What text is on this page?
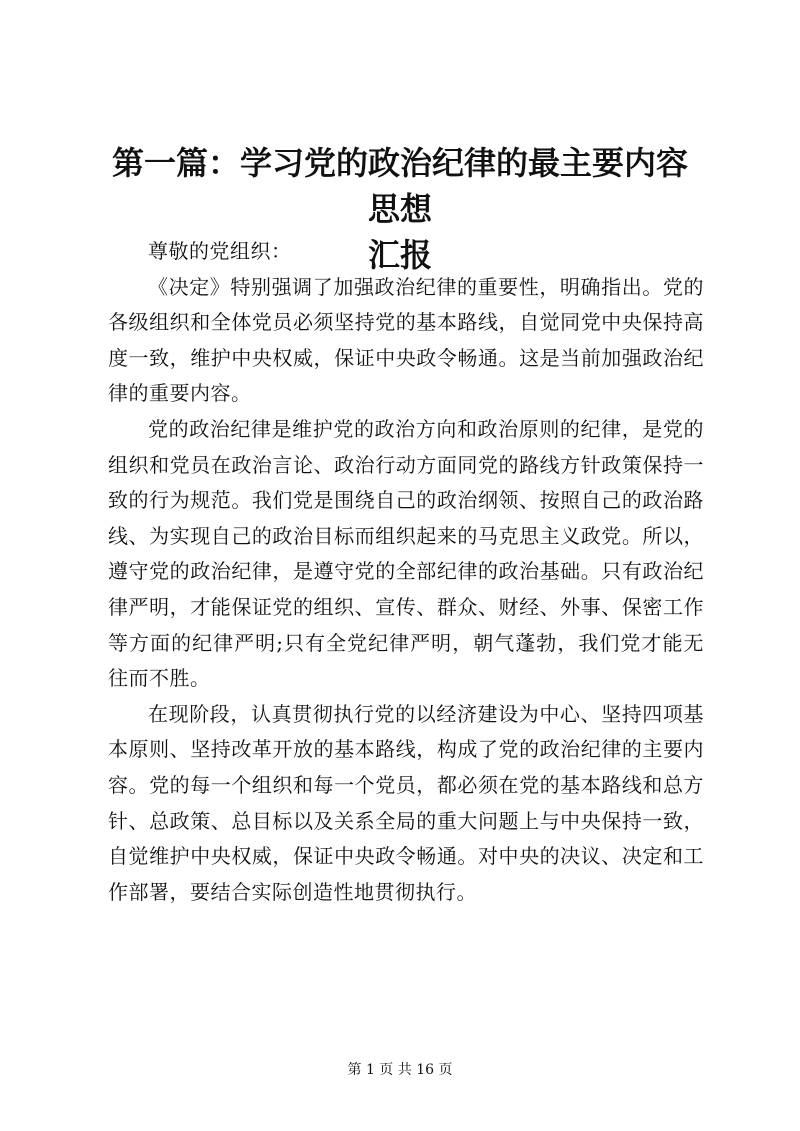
第一篇：学习党的政治纪律的最主要内容思想
汇报

尊敬的党组织：

《决定》特别强调了加强政治纪律的重要性，明确指出。党的各级组织和全体党员必须坚持党的基本路线，自觉同党中央保持高度一致，维护中央权威，保证中央政令畅通。这是当前加强政治纪律的重要内容。

党的政治纪律是维护党的政治方向和政治原则的纪律，是党的组织和党员在政治言论、政治行动方面同党的路线方针政策保持一致的行为规范。我们党是围绕自己的政治纲领、按照自己的政治路线、为实现自己的政治目标而组织起来的马克思主义政党。所以，遵守党的政治纪律，是遵守党的全部纪律的政治基础。只有政治纪律严明，才能保证党的组织、宣传、群众、财经、外事、保密工作等方面的纪律严明;只有全党纪律严明，朝气蓬勃，我们党才能无往而不胜。

在现阶段，认真贯彻执行党的以经济建设为中心、坚持四项基本原则、坚持改革开放的基本路线，构成了党的政治纪律的主要内容。党的每一个组织和每一个党员，都必须在党的基本路线和总方针、总政策、总目标以及关系全局的重大问题上与中央保持一致，自觉维护中央权威，保证中央政令畅通。对中央的决议、决定和工作部署，要结合实际创造性地贯彻执行。

第 1 页 共 16 页
